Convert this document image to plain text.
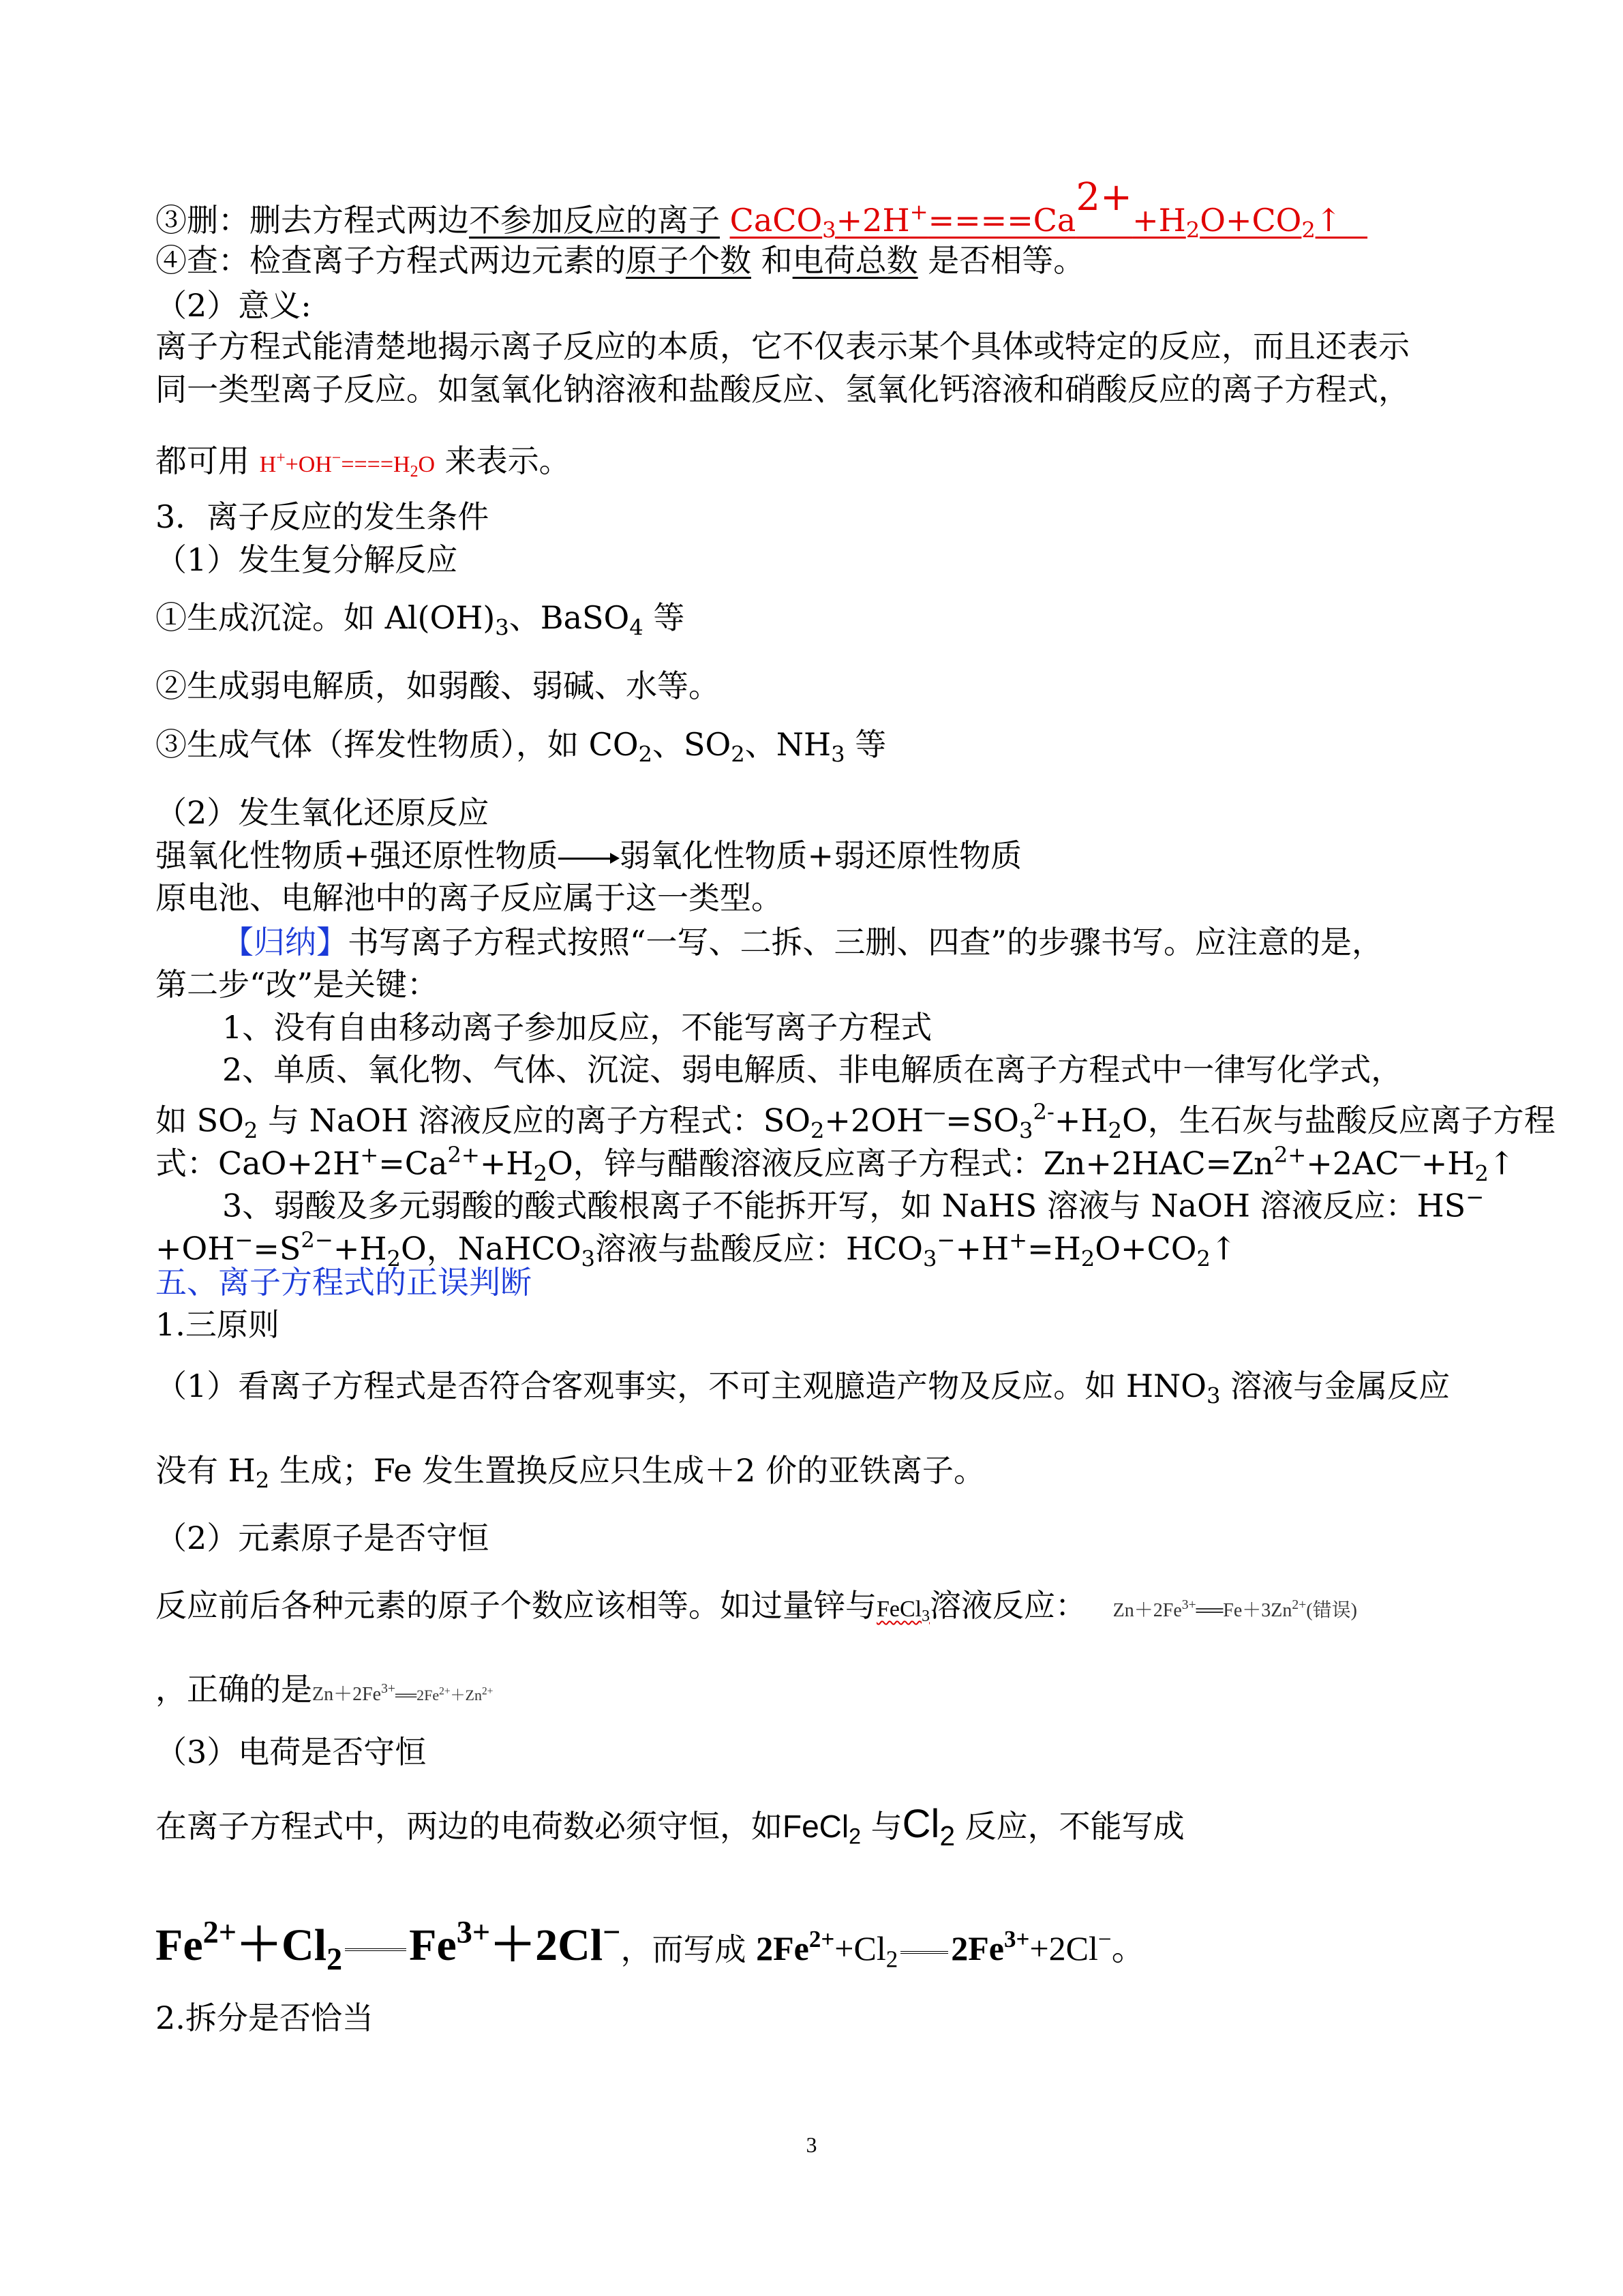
③删：删去方程式两边不参加反应的离子 $CaCO_3+2H^+====Ca^{2+}+H_2O+CO_2↑$ _
④查：检查离子方程式两边元素的原子个数 和电荷总数 是否相等。
（2）意义:
离子方程式能清楚地揭示离子反应的本质，它不仅表示某个具体或特定的反应，而且还表示
同一类型离子反应。如氢氧化钠溶液和盐酸反应、氢氧化钙溶液和硝酸反应的离子方程式，
都可用 $H^++OH^-====H_2O$ 来表示。
3．离子反应的发生条件
（1）发生复分解反应
①生成沉淀。如 $Al(OH)_3$、BaSO$_4$ 等
②生成弱电解质，如弱酸、弱碱、水等。
③生成气体（挥发性物质），如 $CO_2$、$SO_2$、$NH_3$ 等
（2）发生氧化还原反应
强氧化性物质+强还原性物质 弱氧化性物质+弱还原性物质
原电池、电解池中的离子反应属于这一类型。
【归纳】书写离子方程式按照“一写、二拆、三删、四查”的步骤书写。应注意的是，
第二步“改”是关键：
1、没有自由移动离子参加反应，不能写离子方程式
2、单质、氧化物、气体、沉淀、弱电解质、非电解质在离子方程式中一律写化学式，
如 $SO_2$ 与 NaOH 溶液反应的离子方程式：$SO_2+2OH^—=SO_3^{2-}+H_2O$，生石灰与盐酸反应离子方程
式：$CaO+2H^+=Ca^{2+}+H_2O$，锌与醋酸溶液反应离子方程式：$Zn+2HAC=Zn^{2+}+2AC^—+H_2↑$
3、弱酸及多元弱酸的酸式酸根离子不能拆开写，如 NaHS 溶液与 NaOH 溶液反应：HS−
$+OH^-=S^{2-}+H_2O$，NaHCO$_3$溶液与盐酸反应：$HCO_3^-+H^+=H_2O+CO_2↑$
五、离子方程式的正误判断
1.三原则
（1）看离子方程式是否符合客观事实，不可主观臆造产物及反应。如 $HNO_3$ 溶液与金属反应
没有 $H_2$ 生成；Fe 发生置换反应只生成＋2 价的亚铁离子。
（2）元素原子是否守恒
反应前后各种元素的原子个数应该相等。如过量锌与FeCl$_3$溶液反应： $Zn+2Fe^{3+}══Fe+3Zn^{2+}$(错误)
，正确的是$Zn+2Fe^{3+}══2Fe^{2+}+Zn^{2+}$
（3）电荷是否守恒
在离子方程式中，两边的电荷数必须守恒，如FeCl$_2$ 与$Cl_2$ 反应，不能写成
$Fe^{2+}+Cl_2$ $Fe^{3+}+2Cl^-$，而写成 $2Fe^{2+}+Cl_2$ $2Fe^{3+}+2Cl^-$。
2.拆分是否恰当
3
